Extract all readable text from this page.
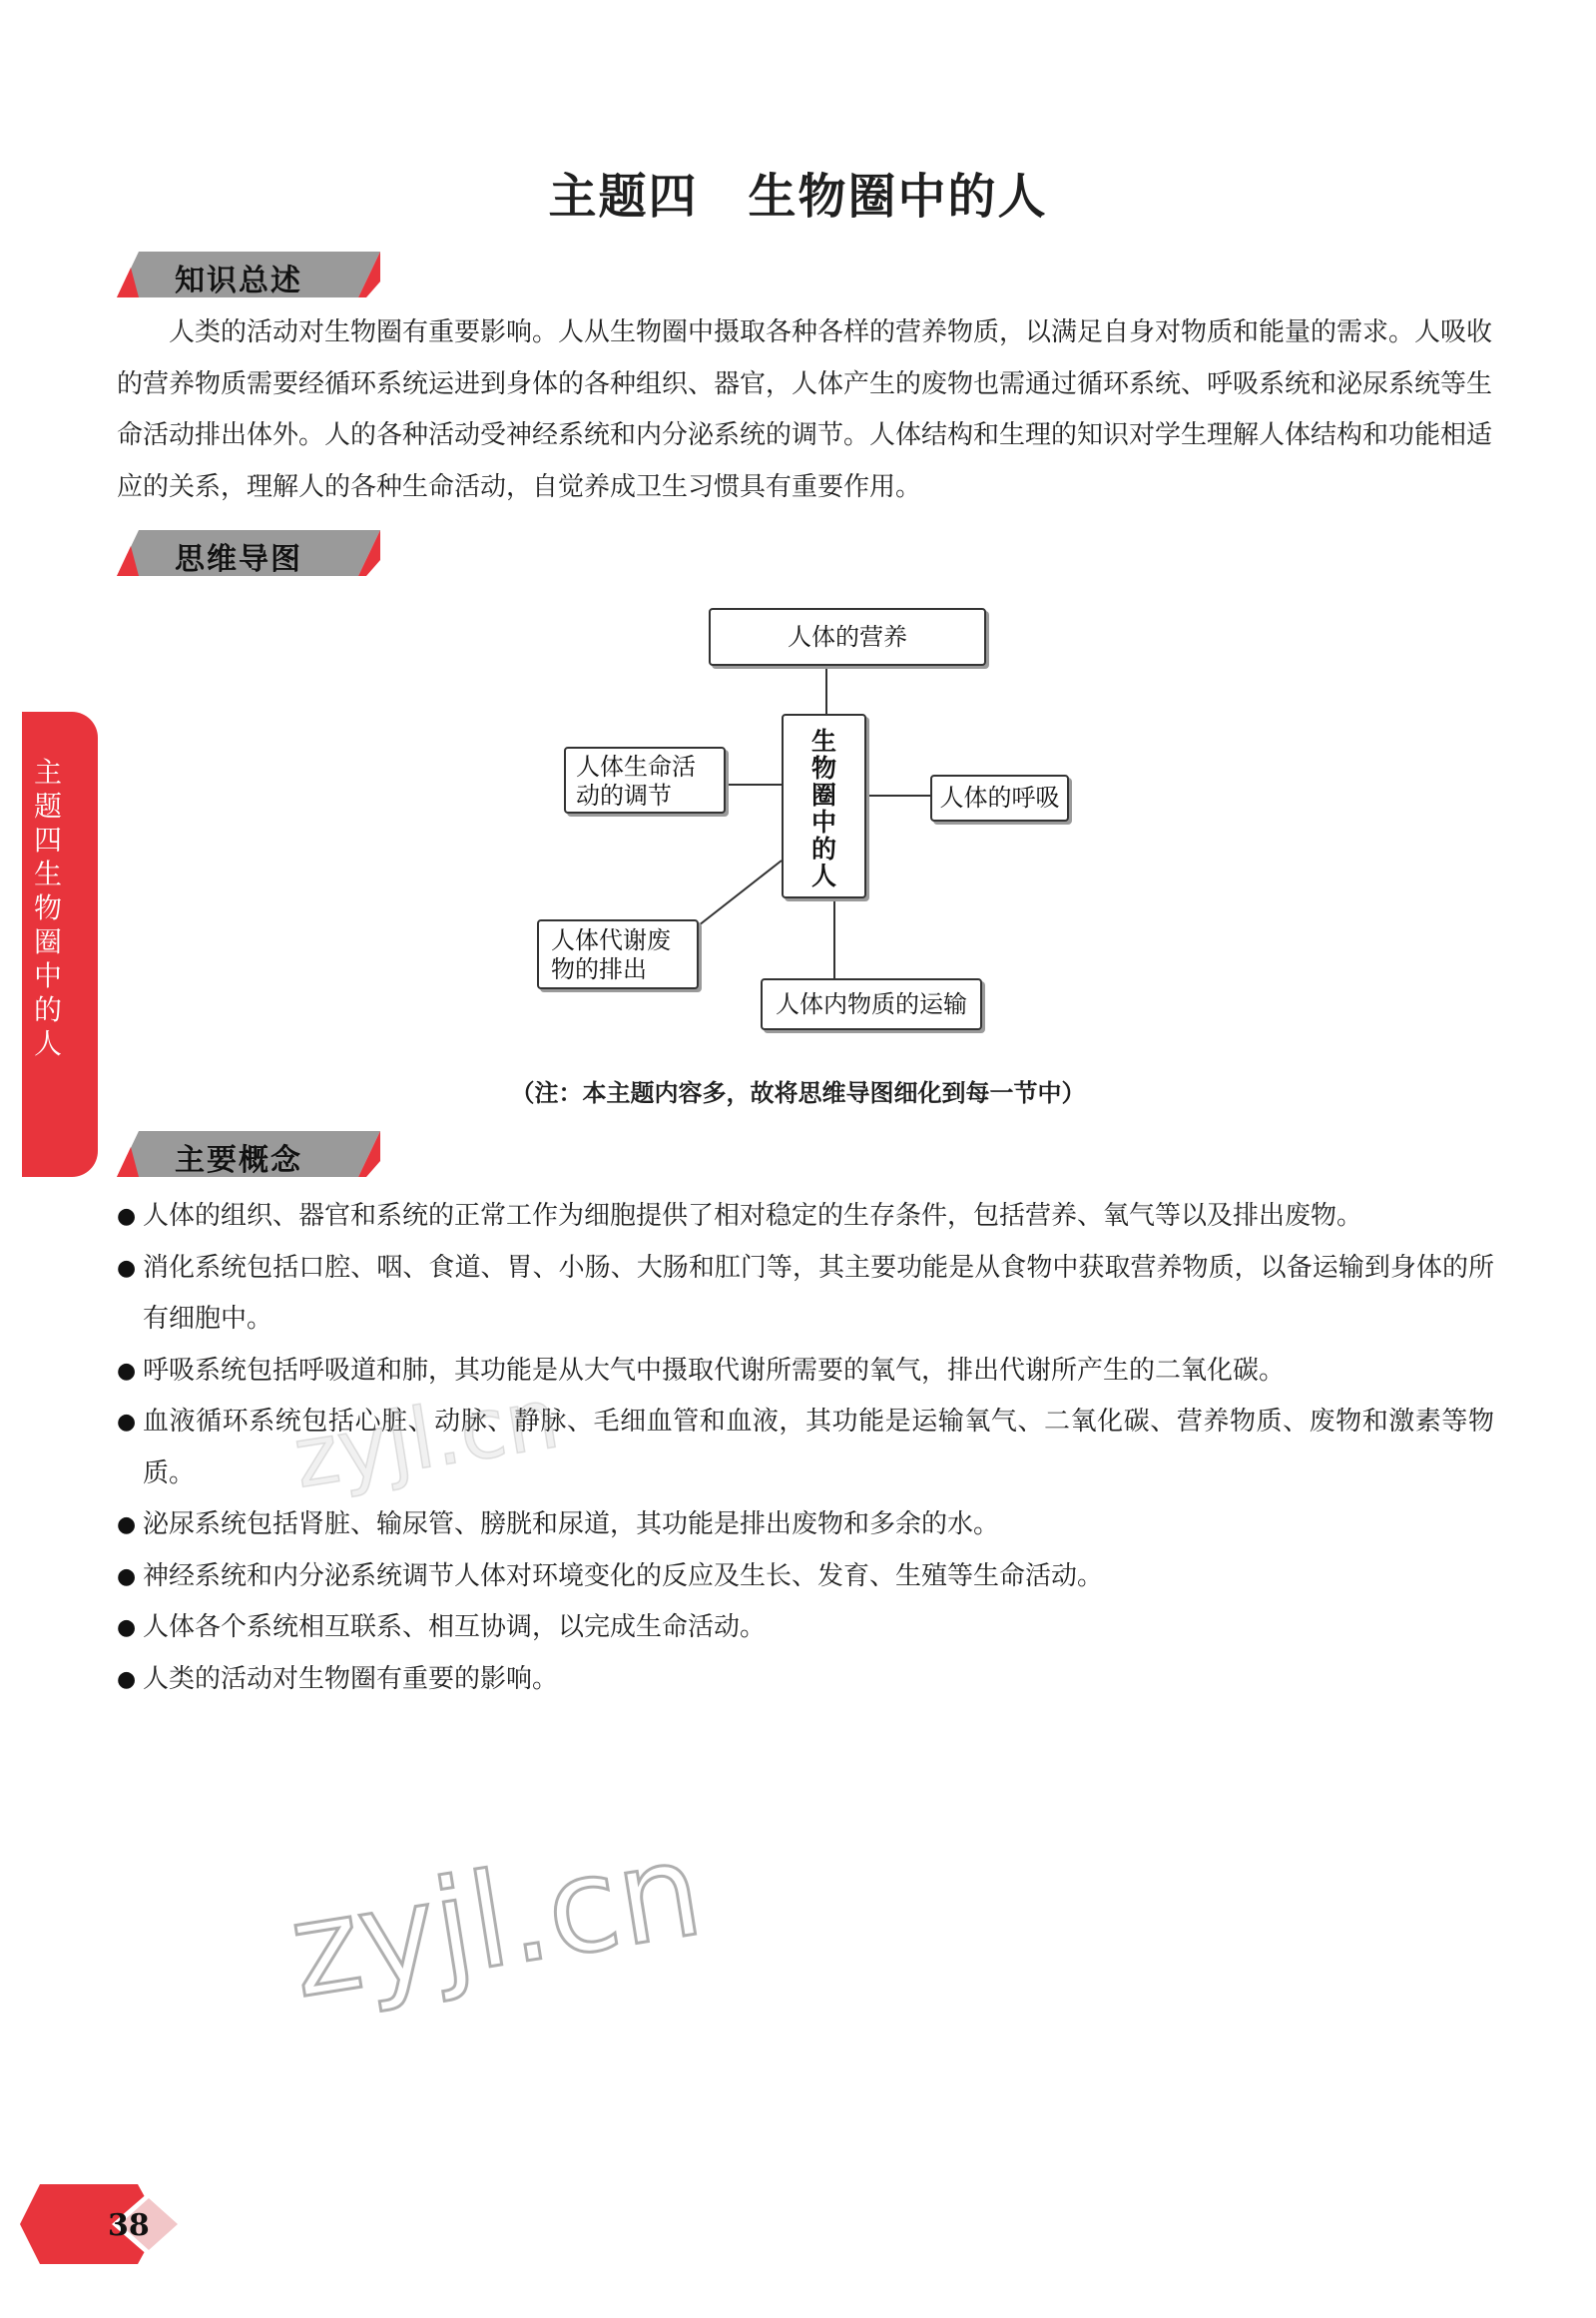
主题四　生物圈中的人
知识总述
人类的活动对生物圈有重要影响。人从生物圈中摄取各种各样的营养物质，以满足自身对物质和能量的需求。人吸收的营养物质需要经循环系统运进到身体的各种组织、器官，人体产生的废物也需通过循环系统、呼吸系统和泌尿系统等生命活动排出体外。人的各种活动受神经系统和内分泌系统的调节。人体结构和生理的知识对学生理解人体结构和功能相适应的关系，理解人的各种生命活动，自觉养成卫生习惯具有重要作用。
思维导图
人体的营养
生物圈中的人
人体生命活
动的调节	人体的呼吸
人体代谢废
物的排出
人体内物质的运输
（注：本主题内容多，故将思维导图细化到每一节中）
主要概念
● 人体的组织、器官和系统的正常工作为细胞提供了相对稳定的生存条件，包括营养、氧气等以及排出废物。
● 消化系统包括口腔、咽、食道、胃、小肠、大肠和肛门等，其主要功能是从食物中获取营养物质，以备运输到身体的所有细胞中。
● 呼吸系统包括呼吸道和肺，其功能是从大气中摄取代谢所需要的氧气，排出代谢所产生的二氧化碳。
● 血液循环系统包括心脏、动脉、静脉、毛细血管和血液，其功能是运输氧气、二氧化碳、营养物质、废物和激素等物质。
● 泌尿系统包括肾脏、输尿管、膀胱和尿道，其功能是排出废物和多余的水。
● 神经系统和内分泌系统调节人体对环境变化的反应及生长、发育、生殖等生命活动。
● 人体各个系统相互联系、相互协调，以完成生命活动。
● 人类的活动对生物圈有重要的影响。
主题四　生物圈中的人
38
